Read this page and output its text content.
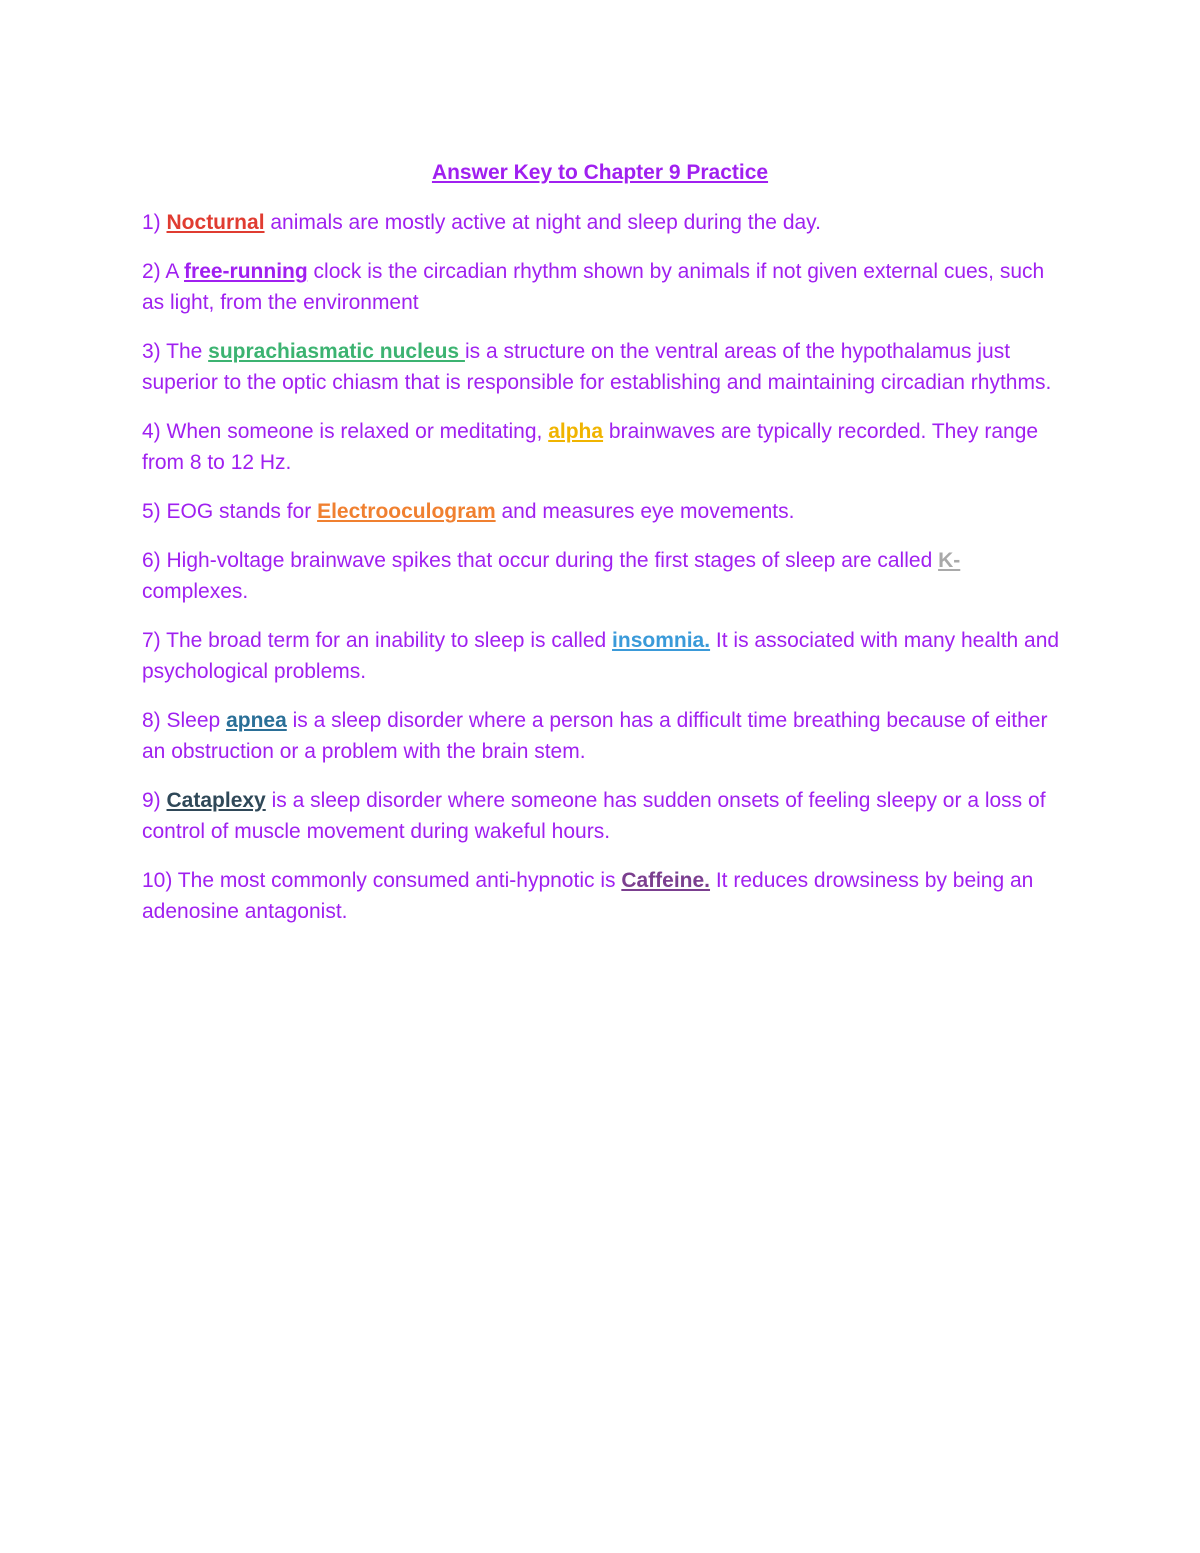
Answer Key to Chapter 9 Practice

1) Nocturnal animals are mostly active at night and sleep during the day.

2) A free-running clock is the circadian rhythm shown by animals if not given external cues, such as light, from the environment

3) The suprachiasmatic nucleus is a structure on the ventral areas of the hypothalamus just superior to the optic chiasm that is responsible for establishing and maintaining circadian rhythms.

4) When someone is relaxed or meditating, alpha brainwaves are typically recorded. They range from 8 to 12 Hz.

5) EOG stands for Electrooculogram and measures eye movements.

6) High-voltage brainwave spikes that occur during the first stages of sleep are called K- complexes.

7) The broad term for an inability to sleep is called insomnia. It is associated with many health and psychological problems.

8) Sleep apnea is a sleep disorder where a person has a difficult time breathing because of either an obstruction or a problem with the brain stem.

9) Cataplexy is a sleep disorder where someone has sudden onsets of feeling sleepy or a loss of control of muscle movement during wakeful hours.

10) The most commonly consumed anti-hypnotic is Caffeine. It reduces drowsiness by being an adenosine antagonist.
